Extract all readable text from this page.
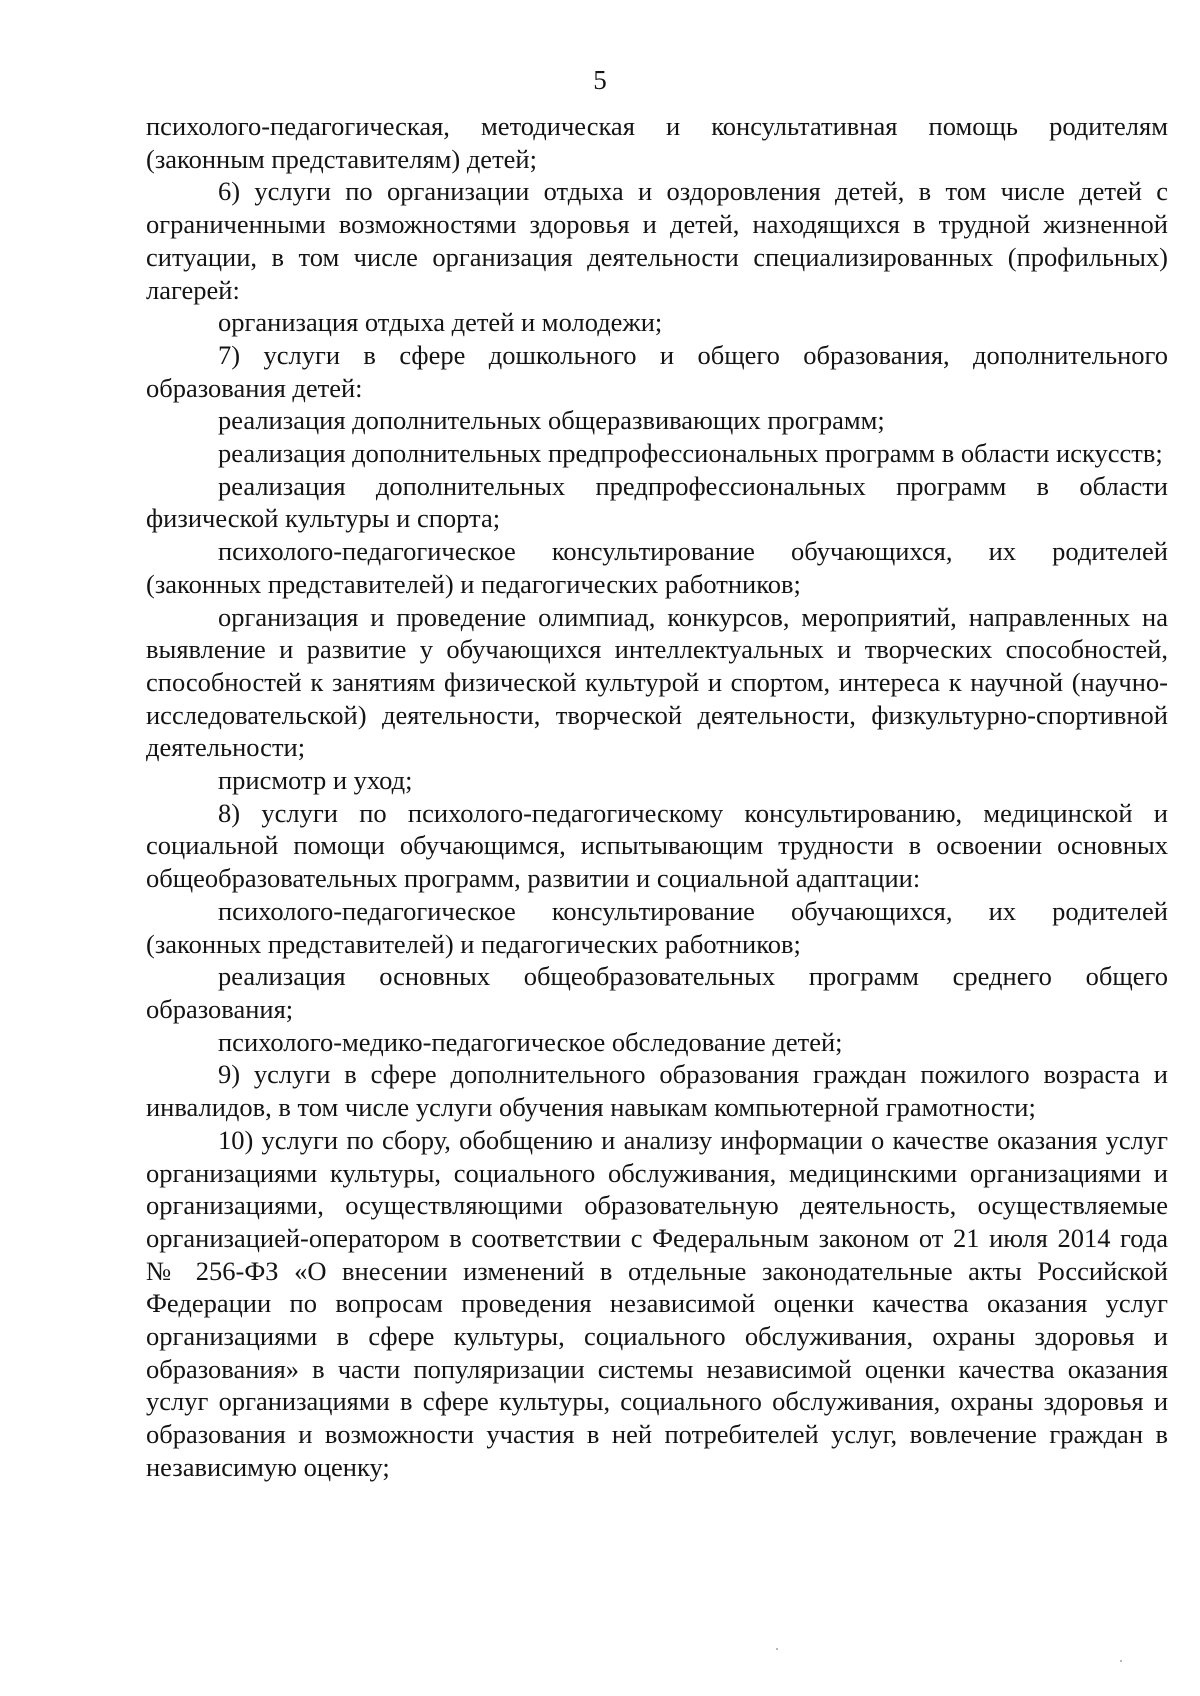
5

психолого-педагогическая, методическая и консультативная помощь родителям (законным представителям) детей;

6) услуги по организации отдыха и оздоровления детей, в том числе детей с ограниченными возможностями здоровья и детей, находящихся в трудной жизненной ситуации, в том числе организация деятельности специализированных (профильных) лагерей:

организация отдыха детей и молодежи;

7) услуги в сфере дошкольного и общего образования, дополнительного образования детей:

реализация дополнительных общеразвивающих программ;

реализация дополнительных предпрофессиональных программ в области искусств;

реализация дополнительных предпрофессиональных программ в области физической культуры и спорта;

психолого-педагогическое консультирование обучающихся, их родителей (законных представителей) и педагогических работников;

организация и проведение олимпиад, конкурсов, мероприятий, направленных на выявление и развитие у обучающихся интеллектуальных и творческих способностей, способностей к занятиям физической культурой и спортом, интереса к научной (научно-исследовательской) деятельности, творческой деятельности, физкультурно-спортивной деятельности;

присмотр и уход;

8) услуги по психолого-педагогическому консультированию, медицинской и социальной помощи обучающимся, испытывающим трудности в освоении основных общеобразовательных программ, развитии и социальной адаптации:

психолого-педагогическое консультирование обучающихся, их родителей (законных представителей) и педагогических работников;

реализация основных общеобразовательных программ среднего общего образования;

психолого-медико-педагогическое обследование детей;

9) услуги в сфере дополнительного образования граждан пожилого возраста и инвалидов, в том числе услуги обучения навыкам компьютерной грамотности;

10) услуги по сбору, обобщению и анализу информации о качестве оказания услуг организациями культуры, социального обслуживания, медицинскими организациями и организациями, осуществляющими образовательную деятельность, осуществляемые организацией-оператором в соответствии с Федеральным законом от 21 июля 2014 года № 256-ФЗ «О внесении изменений в отдельные законодательные акты Российской Федерации по вопросам проведения независимой оценки качества оказания услуг организациями в сфере культуры, социального обслуживания, охраны здоровья и образования» в части популяризации системы независимой оценки качества оказания услуг организациями в сфере культуры, социального обслуживания, охраны здоровья и образования и возможности участия в ней потребителей услуг, вовлечение граждан в независимую оценку;
